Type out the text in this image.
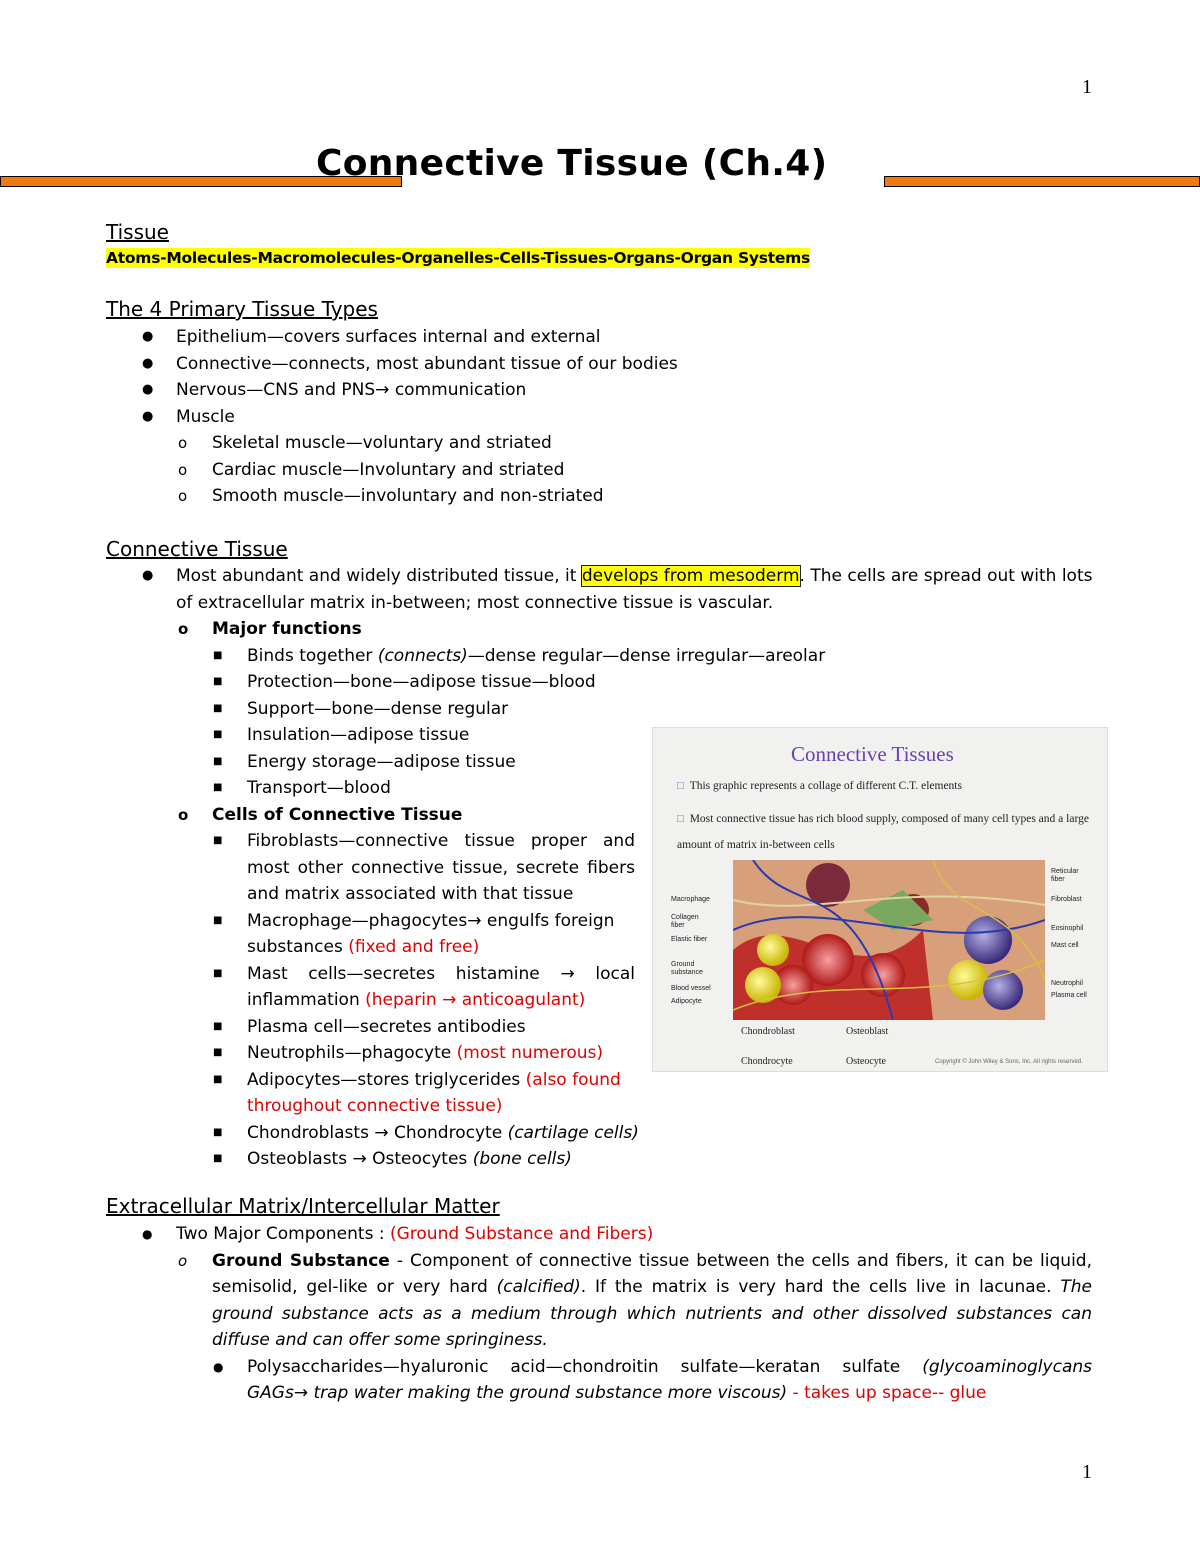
1
Connective Tissue (Ch.4)
Tissue
Atoms-Molecules-Macromolecules-Organelles-Cells-Tissues-Organs-Organ Systems
The 4 Primary Tissue Types
● Epithelium—covers surfaces internal and external
● Connective—connects, most abundant tissue of our bodies
● Nervous—CNS and PNS→ communication
● Muscle
o Skeletal muscle—voluntary and striated
o Cardiac muscle—Involuntary and striated
o Smooth muscle—involuntary and non-striated
Connective Tissue
● Most abundant and widely distributed tissue, it develops from mesoderm. The cells are spread out with lots of extracellular matrix in-between; most connective tissue is vascular.
o Major functions
■ Binds together (connects)—dense regular—dense irregular—areolar
■ Protection—bone—adipose tissue—blood
■ Support—bone—dense regular
■ Insulation—adipose tissue
■ Energy storage—adipose tissue
■ Transport—blood
o Cells of Connective Tissue
■ Fibroblasts—connective tissue proper and most other connective tissue, secrete fibers and matrix associated with that tissue
■ Macrophage—phagocytes→ engulfs foreign substances (fixed and free)
■ Mast cells—secretes histamine → local inflammation (heparin → anticoagulant)
■ Plasma cell—secretes antibodies
■ Neutrophils—phagocyte (most numerous)
■ Adipocytes—stores triglycerides (also found throughout connective tissue)
■ Chondroblasts → Chondrocyte (cartilage cells)
■ Osteoblasts → Osteocytes (bone cells)
Connective Tissues
□ This graphic represents a collage of different C.T. elements
□ Most connective tissue has rich blood supply, composed of many cell types and a large amount of matrix in-between cells
Macrophage
Collagen fiber
Elastic fiber
Ground substance
Blood vessel
Adipocyte
Reticular fiber
Fibroblast
Eosinophil
Mast cell
Neutrophil
Plasma cell
Chondroblast	Osteoblast
Chondrocyte	Osteocyte	Copyright © John Wiley & Sons, Inc. All rights reserved.
Extracellular Matrix/Intercellular Matter
● Two Major Components : (Ground Substance and Fibers)
o Ground Substance - Component of connective tissue between the cells and fibers, it can be liquid, semisolid, gel-like or very hard (calcified). If the matrix is very hard the cells live in lacunae. The ground substance acts as a medium through which nutrients and other dissolved substances can diffuse and can offer some springiness.
● Polysaccharides—hyaluronic acid—chondroitin sulfate—keratan sulfate (glycoaminoglycans GAGs→ trap water making the ground substance more viscous) - takes up space-- glue
1
